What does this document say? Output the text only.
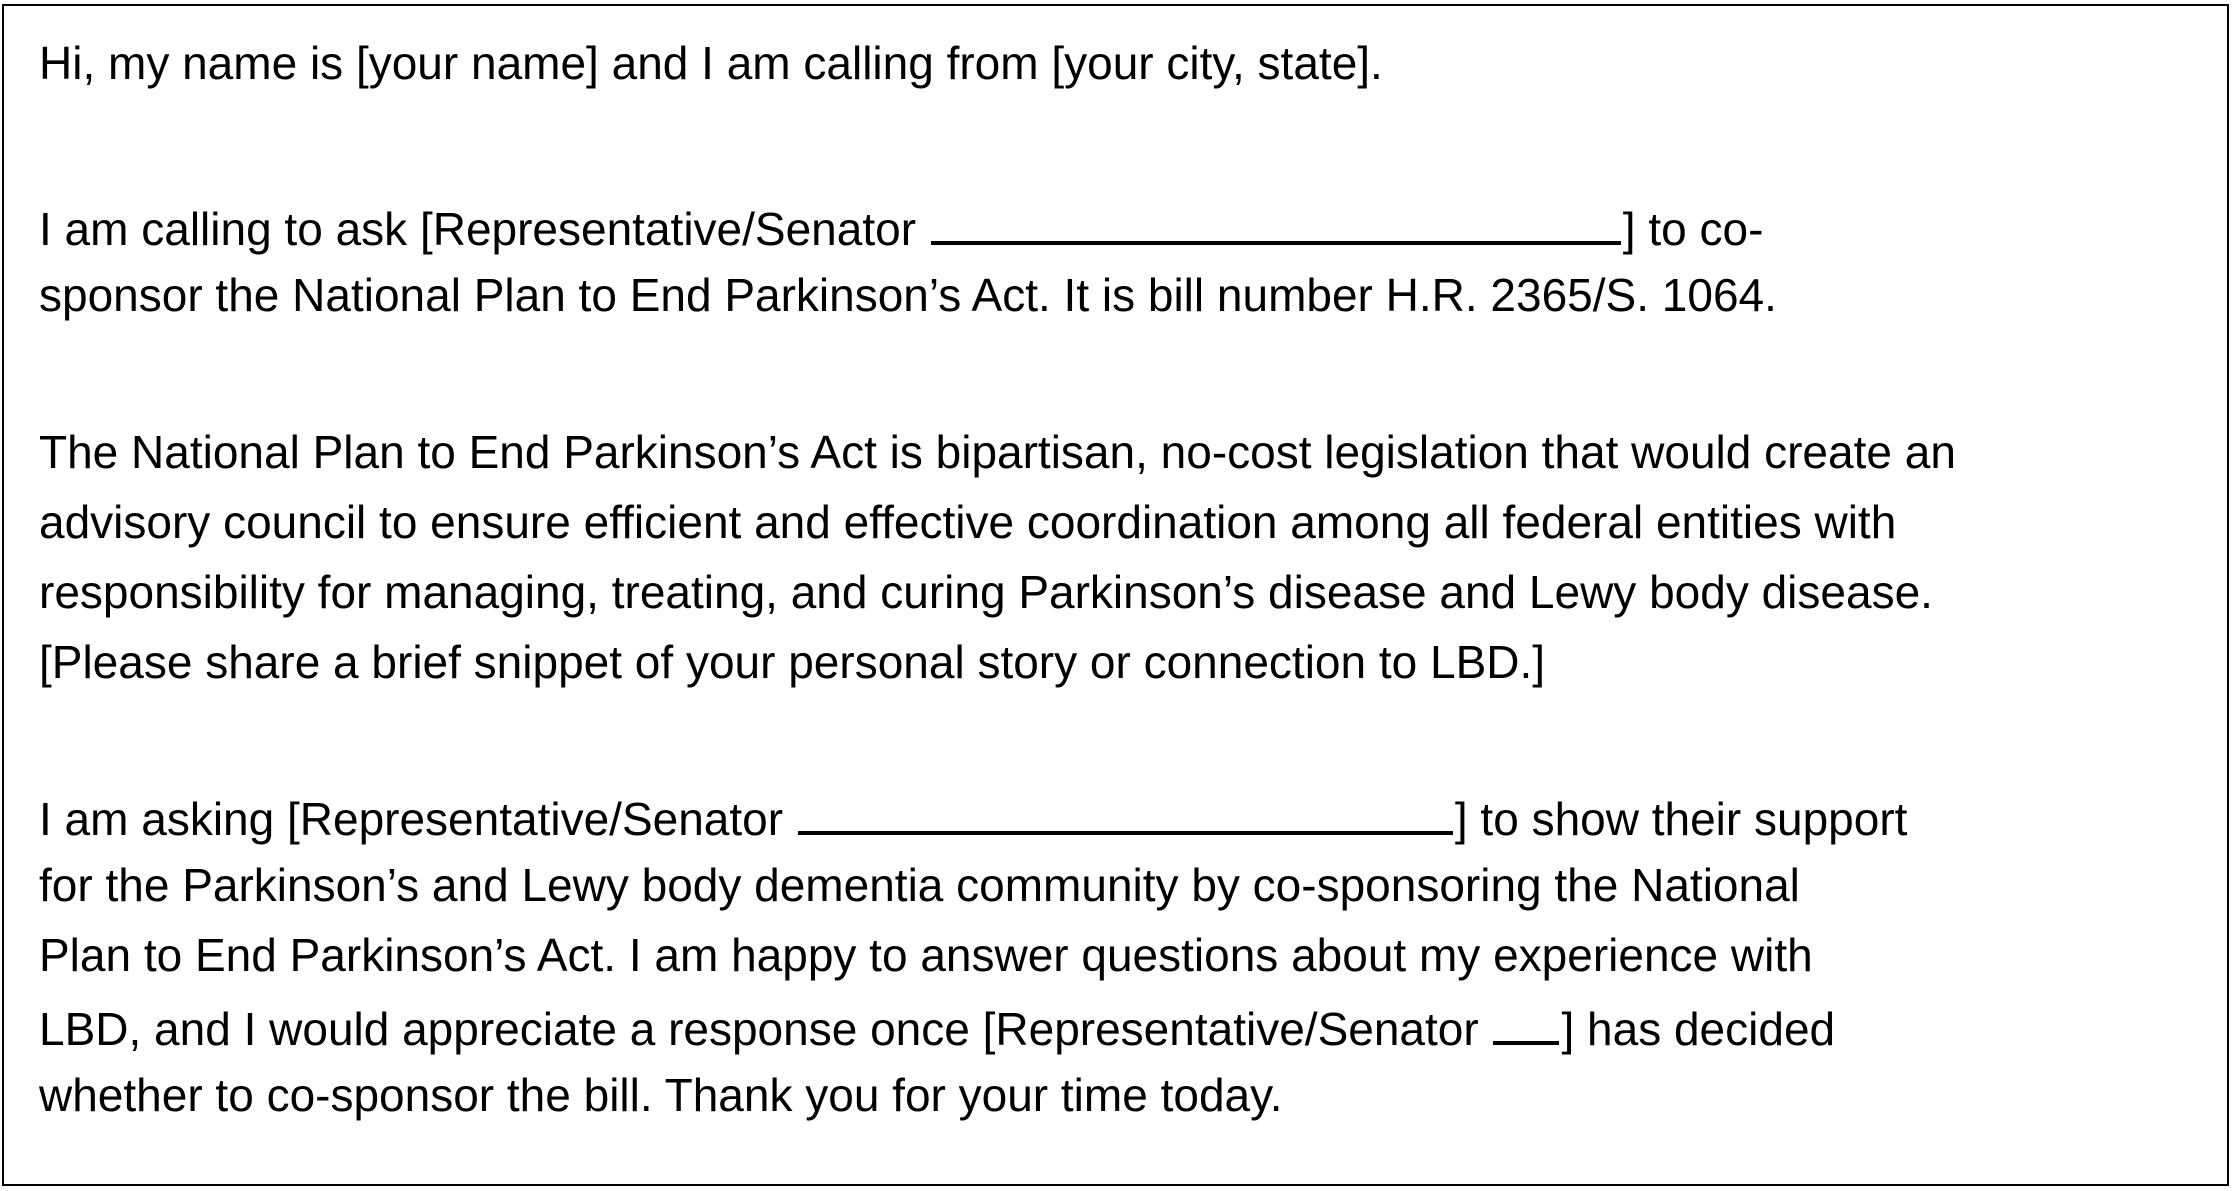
Hi, my name is [your name] and I am calling from [your city, state].

I am calling to ask [Representative/Senator	] to co-

sponsor the National Plan to End Parkinson’s Act. It is bill number H.R. 2365/S. 1064.

The National Plan to End Parkinson’s Act is bipartisan, no-cost legislation that would create an

advisory council to ensure efficient and effective coordination among all federal entities with

responsibility for managing, treating, and curing Parkinson’s disease and Lewy body disease.

[Please share a brief snippet of your personal story or connection to LBD.]

I am asking [Representative/Senator	] to show their support

for the Parkinson’s and Lewy body dementia community by co-sponsoring the National

Plan to End Parkinson’s Act. I am happy to answer questions about my experience with

LBD, and I would appreciate a response once [Representative/Senator ] has decided

whether to co-sponsor the bill. Thank you for your time today.
